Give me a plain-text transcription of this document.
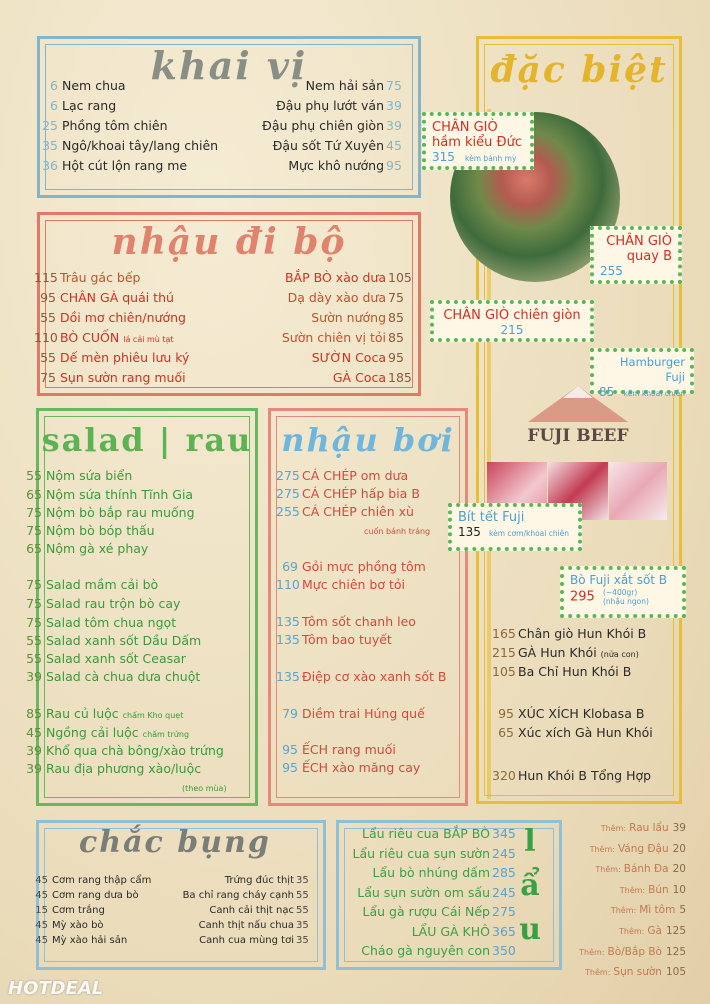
khai vị
6 Nem chua
6 Lạc rang
25 Phồng tôm chiên
35 Ngô/khoai tây/lang chiên
36 Hột cút lộn rang me
Nem hải sản 75
Đậu phụ lướt ván 39
Đậu phụ chiên giòn 39
Đậu sốt Tứ Xuyên 45
Mực khô nướng 95
nhậu đi bộ
115 Trâu gác bếp
95 CHÂN GÀ quái thú
55 Dồi mơ chiên/nướng
110 BÒ CUỐN lá cải mù tạt
55 Dế mèn phiêu lưu ký
75 Sụn sườn rang muối
BẮP BÒ xào dưa 105
Dạ dày xào dưa 75
Sườn nướng 85
Sườn chiên vị tỏi 85
SƯỜN Coca 95
GÀ Coca 185
salad | rau
55 Nộm sứa biển
65 Nộm sứa thính Tĩnh Gia
75 Nộm bò bắp rau muống
75 Nộm bò bóp thấu
65 Nộm gà xé phay
75 Salad mầm cải bò
75 Salad rau trộn bò cay
75 Salad tôm chua ngọt
55 Salad xanh sốt Dầu Dấm
55 Salad xanh sốt Ceasar
39 Salad cà chua dưa chuột
85 Rau củ luộc chấm Kho quẹt
45 Ngồng cải luộc chấm trứng
39 Khổ qua chà bông/xào trứng
39 Rau địa phương xào/luộc
(theo mùa)
nhậu bơi
275 CÁ CHÉP om dưa
275 CÁ CHÉP hấp bia B
255 CÁ CHÉP chiên xù
69 Gỏi mực phồng tôm
110 Mực chiên bơ tỏi
135 Tôm sốt chanh leo
135 Tôm bao tuyết
135 Điệp cơ xào xanh sốt B
79 Diềm trai Húng quế
95 ẾCH rang muối
95 ẾCH xào măng cay
cuốn bánh tráng
đặc biệt
FUJI BEEF
CHÂN GIÒ hầm kiểu Đức
315 kèm bánh mỳ
CHÂN GIÒ quay B
255
CHÂN GIÒ chiên giòn
215
Hamburger Fuji
85 kèm khoai chiên
Bít tết Fuji
135 kèm cơm/khoai chiên
Bò Fuji xắt sốt B
295 (~400gr) (nhậu ngon)
165 Chân giò Hun Khói B
215 GÀ Hun Khói (nửa con)
105 Ba Chỉ Hun Khói B
95 XÚC XÍCH Klobasa B
65 Xúc xích Gà Hun Khói
320 Hun Khói B Tổng Hợp
chắc bụng
45 Cơm rang thập cẩm
45 Cơm rang dưa bò
15 Cơm trắng
45 Mỳ xào bò
45 Mỳ xào hải sản
Trứng đúc thịt 35
Ba chỉ rang cháy cạnh 55
Canh cải thịt nạc 55
Canh thịt nấu chua 35
Canh cua mùng tơi 35
Lẩu riêu cua BẮP BÒ 345
Lẩu riêu cua sụn sườn 245
Lẩu bò nhúng dấm 285
Lẩu sụn sườn om sấu 245
Lẩu gà rượu Cái Nếp 275
LẨU GÀ KHÔ 365
Cháo gà nguyên con 350
l
ẩ
u
Thêm: Rau lẩu 39
Thêm: Váng Đậu 20
Thêm: Bánh Đa 20
Thêm: Bún 10
Thêm: Mì tôm 5
Thêm: Gà 125
Thêm: Bò/Bắp Bò 125
Thêm: Sụn sườn 105
HOTDEAL
